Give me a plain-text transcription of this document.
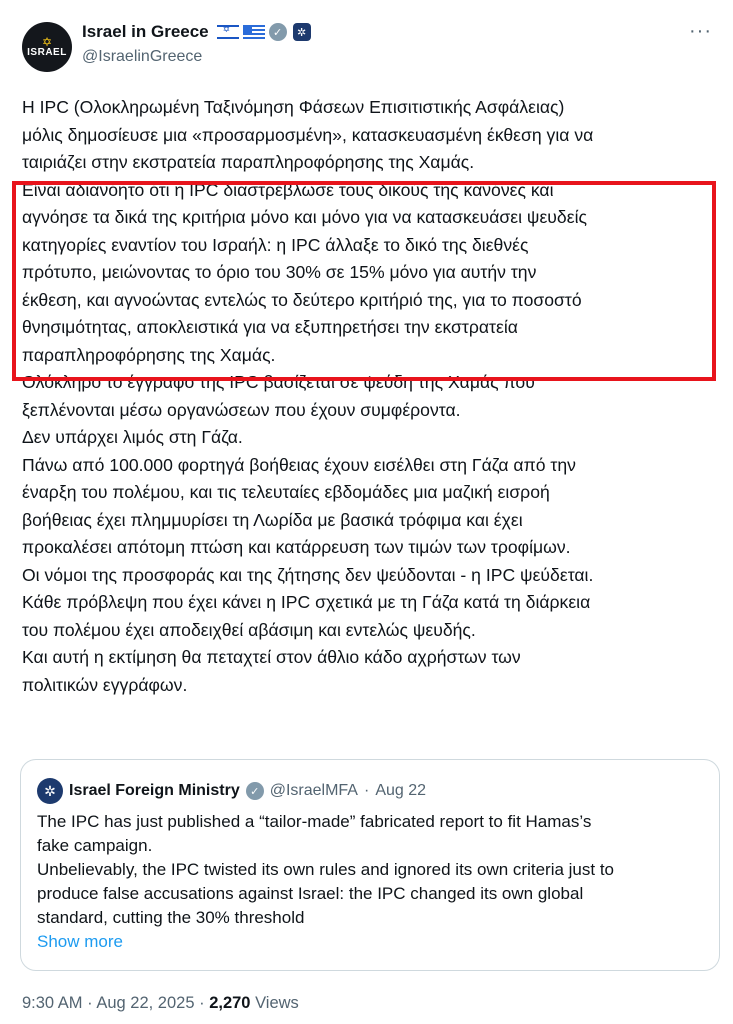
✡
ISRAEL
Israel in Greece
✡	✓	✲
@IsraelinGreece
···

Η IPC (Ολοκληρωμένη Ταξινόμηση Φάσεων Επισιτιστικής Ασφάλειας)

μόλις δημοσίευσε μια «προσαρμοσμένη», κατασκευασμένη έκθεση για να

ταιριάζει στην εκστρατεία παραπληροφόρησης της Χαμάς.

Είναι αδιανόητο ότι η IPC διαστρέβλωσε τους δικούς της κανόνες και

αγνόησε τα δικά της κριτήρια μόνο και μόνο για να κατασκευάσει ψευδείς

κατηγορίες εναντίον του Ισραήλ: η IPC άλλαξε το δικό της διεθνές

πρότυπο, μειώνοντας το όριο του 30% σε 15% μόνο για αυτήν την

έκθεση, και αγνοώντας εντελώς το δεύτερο κριτήριό της, για το ποσοστό

θνησιμότητας, αποκλειστικά για να εξυπηρετήσει την εκστρατεία

παραπληροφόρησης της Χαμάς.

Ολόκληρο το έγγραφο της IPC βασίζεται σε ψεύδη της Χαμάς που

ξεπλένονται μέσω οργανώσεων που έχουν συμφέροντα.

Δεν υπάρχει λιμός στη Γάζα.

Πάνω από 100.000 φορτηγά βοήθειας έχουν εισέλθει στη Γάζα από την

έναρξη του πολέμου, και τις τελευταίες εβδομάδες μια μαζική εισροή

βοήθειας έχει πλημμυρίσει τη Λωρίδα με βασικά τρόφιμα και έχει

προκαλέσει απότομη πτώση και κατάρρευση των τιμών των τροφίμων.

Οι νόμοι της προσφοράς και της ζήτησης δεν ψεύδονται - η IPC ψεύδεται.

Κάθε πρόβλεψη που έχει κάνει η IPC σχετικά με τη Γάζα κατά τη διάρκεια

του πολέμου έχει αποδειχθεί αβάσιμη και εντελώς ψευδής.

Και αυτή η εκτίμηση θα πεταχτεί στον άθλιο κάδο αχρήστων των

πολιτικών εγγράφων.

✲ Israel Foreign Ministry ✓ @IsraelMFA · Aug 22

The IPC has just published a “tailor-made” fabricated report to fit Hamas’s

fake campaign.

Unbelievably, the IPC twisted its own rules and ignored its own criteria just to

produce false accusations against Israel: the IPC changed its own global

standard, cutting the 30% threshold

Show more
9:30 AM · Aug 22, 2025 · 2,270 Views
